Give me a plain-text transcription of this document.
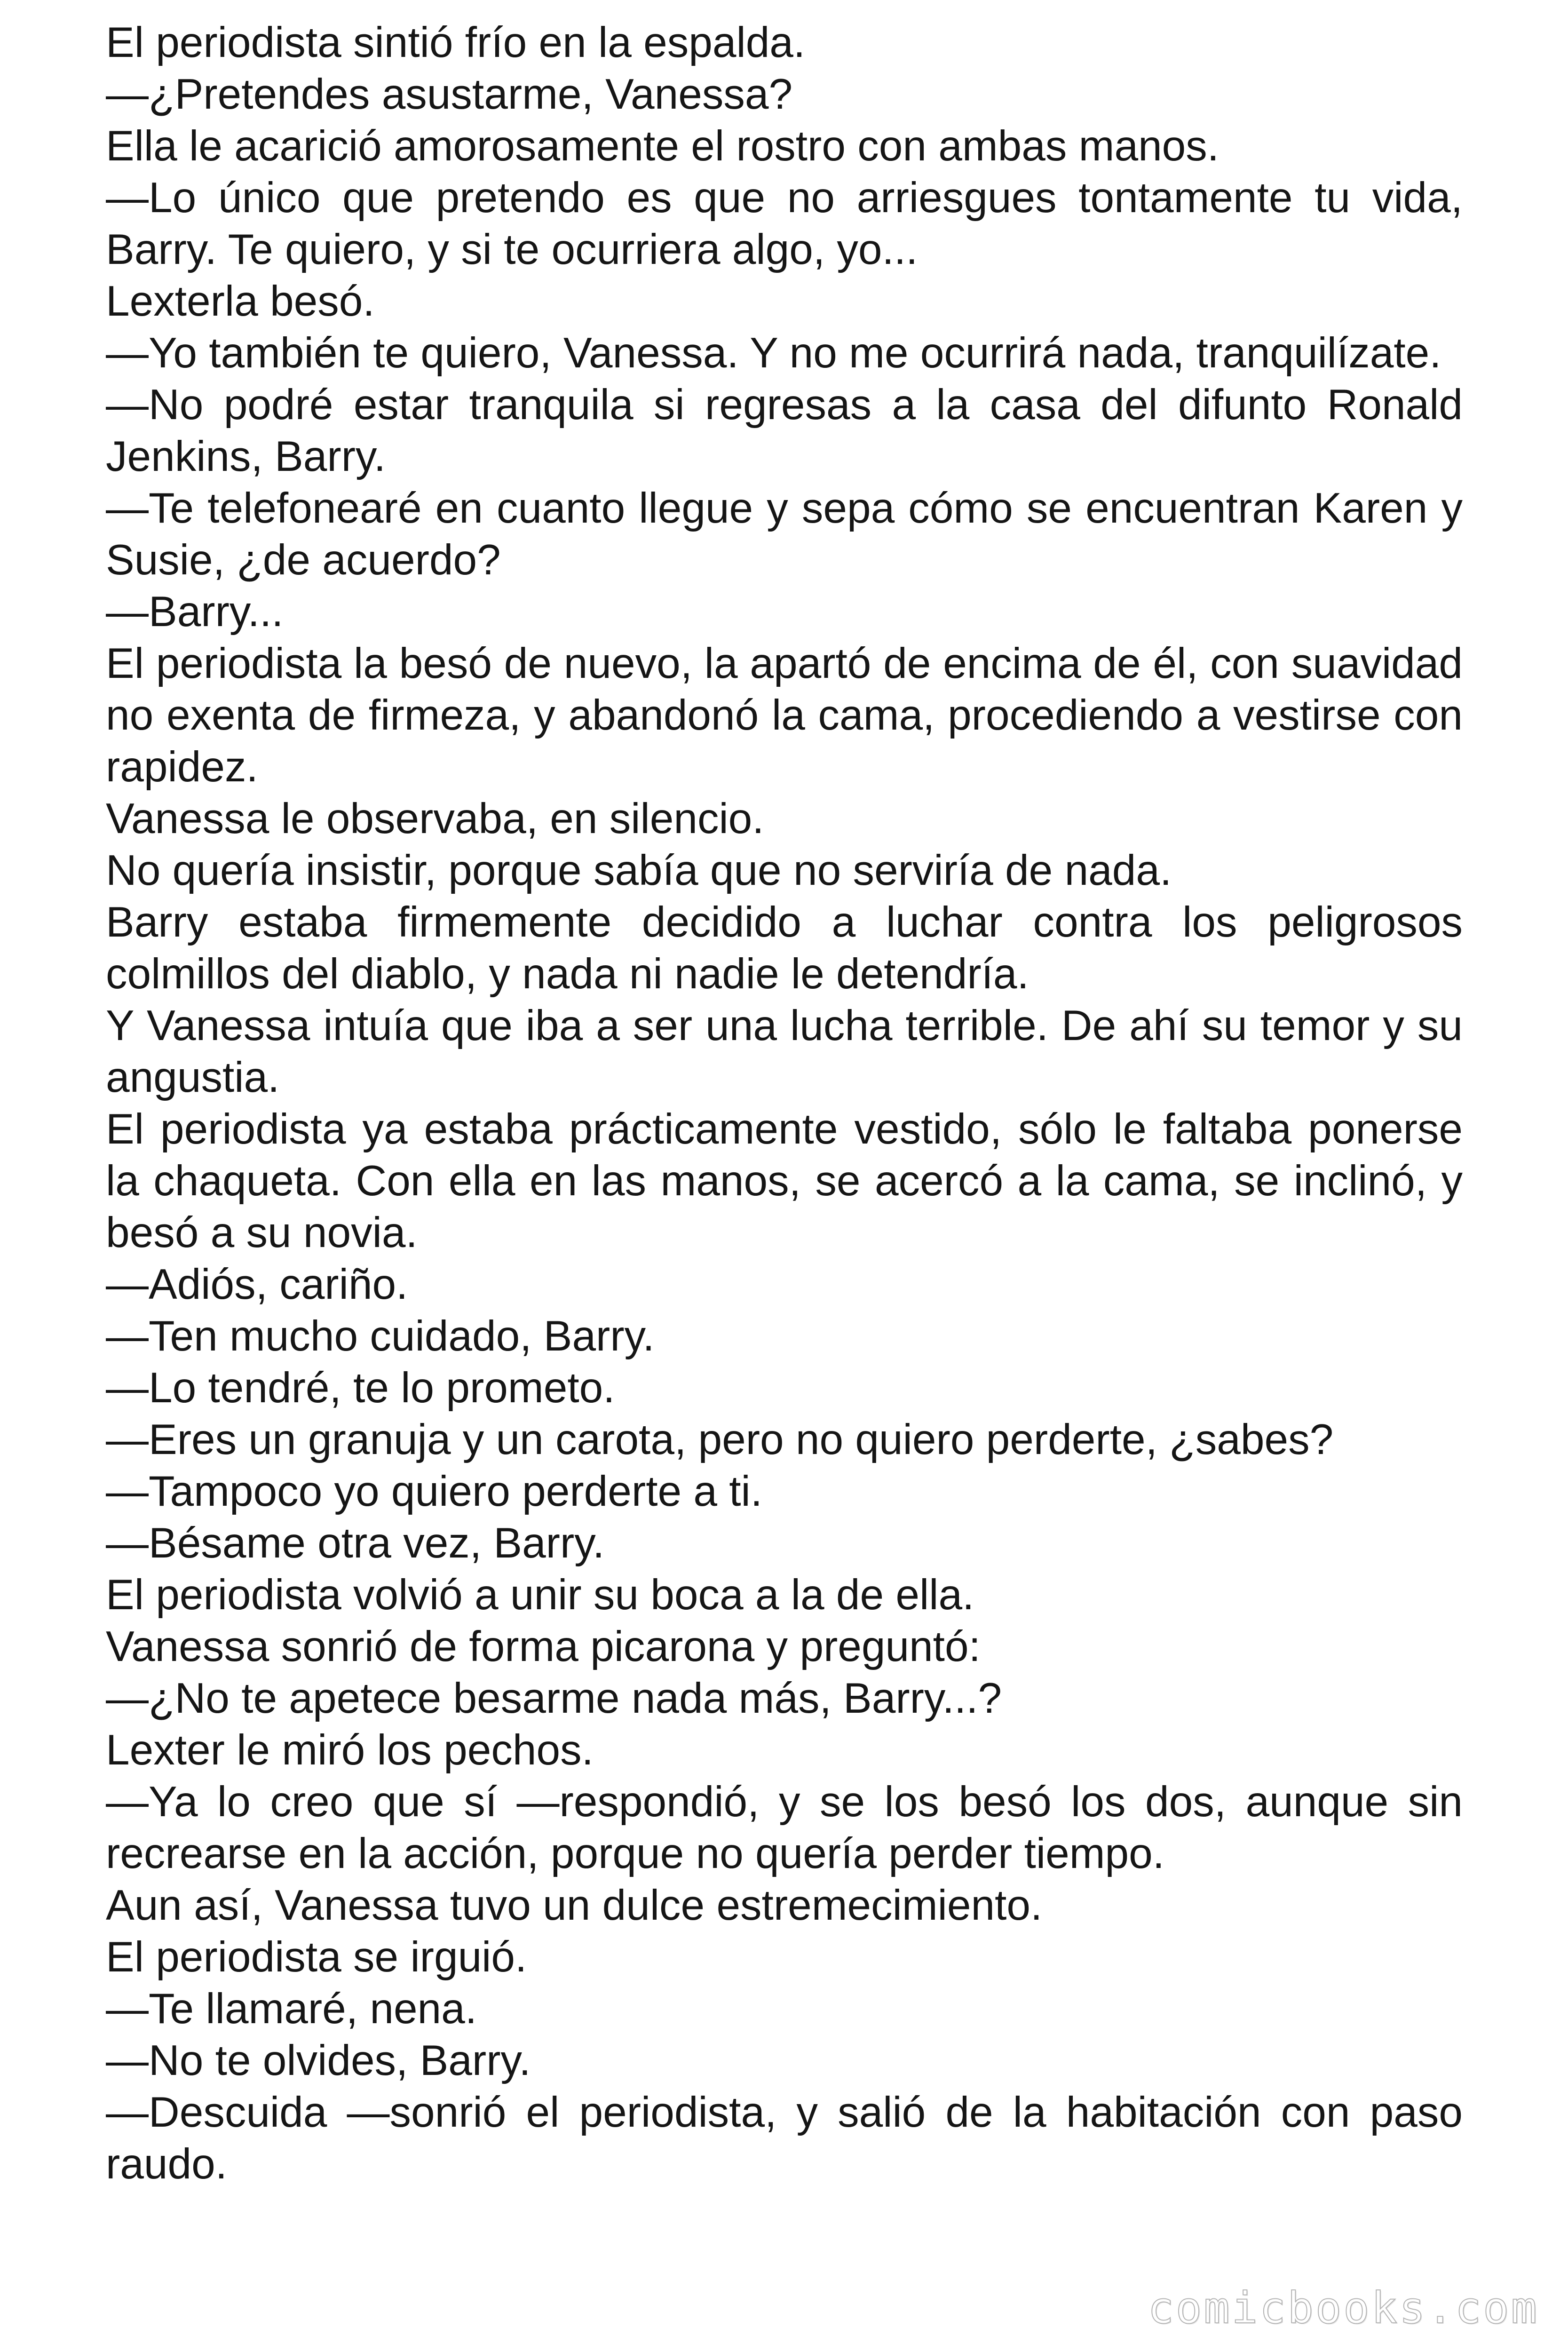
El periodista sintió frío en la espalda.

—¿Pretendes asustarme, Vanessa?

Ella le acarició amorosamente el rostro con ambas manos.

—Lo único que pretendo es que no arriesgues tontamente tu vida, Barry. Te quiero, y si te ocurriera algo, yo...

Lexterla besó.

—Yo también te quiero, Vanessa. Y no me ocurrirá nada, tranquilízate.

—No podré estar tranquila si regresas a la casa del difunto Ronald Jenkins, Barry.

—Te telefonearé en cuanto llegue y sepa cómo se encuentran Karen y Susie, ¿de acuerdo?

—Barry...

El periodista la besó de nuevo, la apartó de encima de él, con suavidad no exenta de firmeza, y abandonó la cama, procediendo a vestirse con rapidez.

Vanessa le observaba, en silencio.

No quería insistir, porque sabía que no serviría de nada.

Barry estaba firmemente decidido a luchar contra los peligrosos colmillos del diablo, y nada ni nadie le detendría.

Y Vanessa intuía que iba a ser una lucha terrible. De ahí su temor y su angustia.

El periodista ya estaba prácticamente vestido, sólo le faltaba ponerse la chaqueta. Con ella en las manos, se acercó a la cama, se inclinó, y besó a su novia.

—Adiós, cariño.

—Ten mucho cuidado, Barry.

—Lo tendré, te lo prometo.

—Eres un granuja y un carota, pero no quiero perderte, ¿sabes?

—Tampoco yo quiero perderte a ti.

—Bésame otra vez, Barry.

El periodista volvió a unir su boca a la de ella.

Vanessa sonrió de forma picarona y preguntó:

—¿No te apetece besarme nada más, Barry...?

Lexter le miró los pechos.

—Ya lo creo que sí —respondió, y se los besó los dos, aunque sin recrearse en la acción, porque no quería perder tiempo.

Aun así, Vanessa tuvo un dulce estremecimiento.

El periodista se irguió.

—Te llamaré, nena.

—No te olvides, Barry.

—Descuida —sonrió el periodista, y salió de la habitación con paso raudo.

comicbooks.com
